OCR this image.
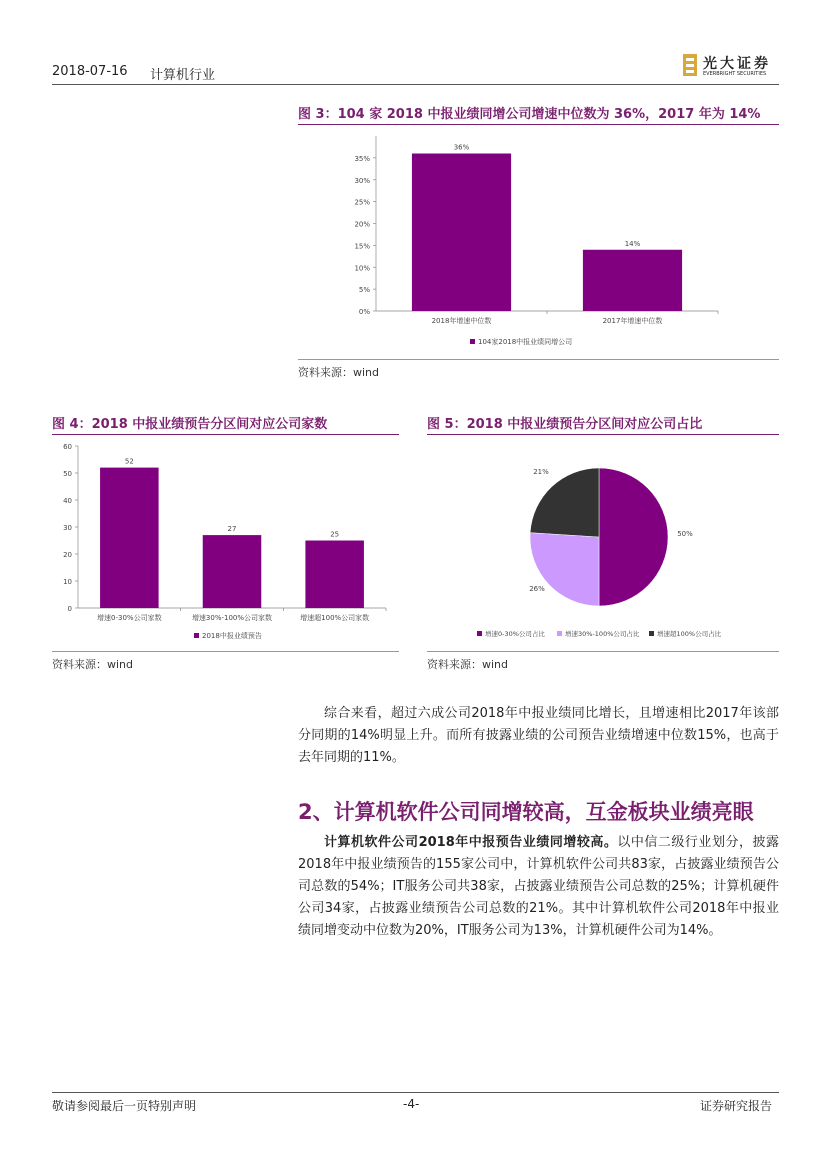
2018-07-16 计算机行业
光大证券
EVERBRIGHT SECURITIES
图 3：104 家 2018 中报业绩同增公司增速中位数为 36%，2017 年为 14%
0%
5%
10%
15%
20%
25%
30%
35%
36%
2018年增速中位数
14%
2017年增速中位数
104家2018中报业绩同增公司
资料来源：wind
图 4：2018 中报业绩预告分区间对应公司家数
0
10
20
30
40
50
60
52
增速0-30%公司家数
27
增速30%-100%公司家数
25
增速超100%公司家数
2018中报业绩预告
资料来源：wind
图 5：2018 中报业绩预告分区间对应公司占比
50%
26%
21%
增速0-30%公司占比	增速30%-100%公司占比	增速超100%公司占比
资料来源：wind

综合来看，超过六成公司2018年中报业绩同比增长，且增速相比2017年该部分同期的14%明显上升。而所有披露业绩的公司预告业绩增速中位数15%，也高于去年同期的11%。

2、计算机软件公司同增较高，互金板块业绩亮眼

计算机软件公司2018年中报预告业绩同增较高。以中信二级行业划分，披露2018年中报业绩预告的155家公司中，计算机软件公司共83家，占披露业绩预告公司总数的54%；IT服务公司共38家，占披露业绩预告公司总数的25%；计算机硬件公司34家，占披露业绩预告公司总数的21%。其中计算机软件公司2018年中报业绩同增变动中位数为20%，IT服务公司为13%，计算机硬件公司为14%。

敬请参阅最后一页特别声明	-4-	证券研究报告
